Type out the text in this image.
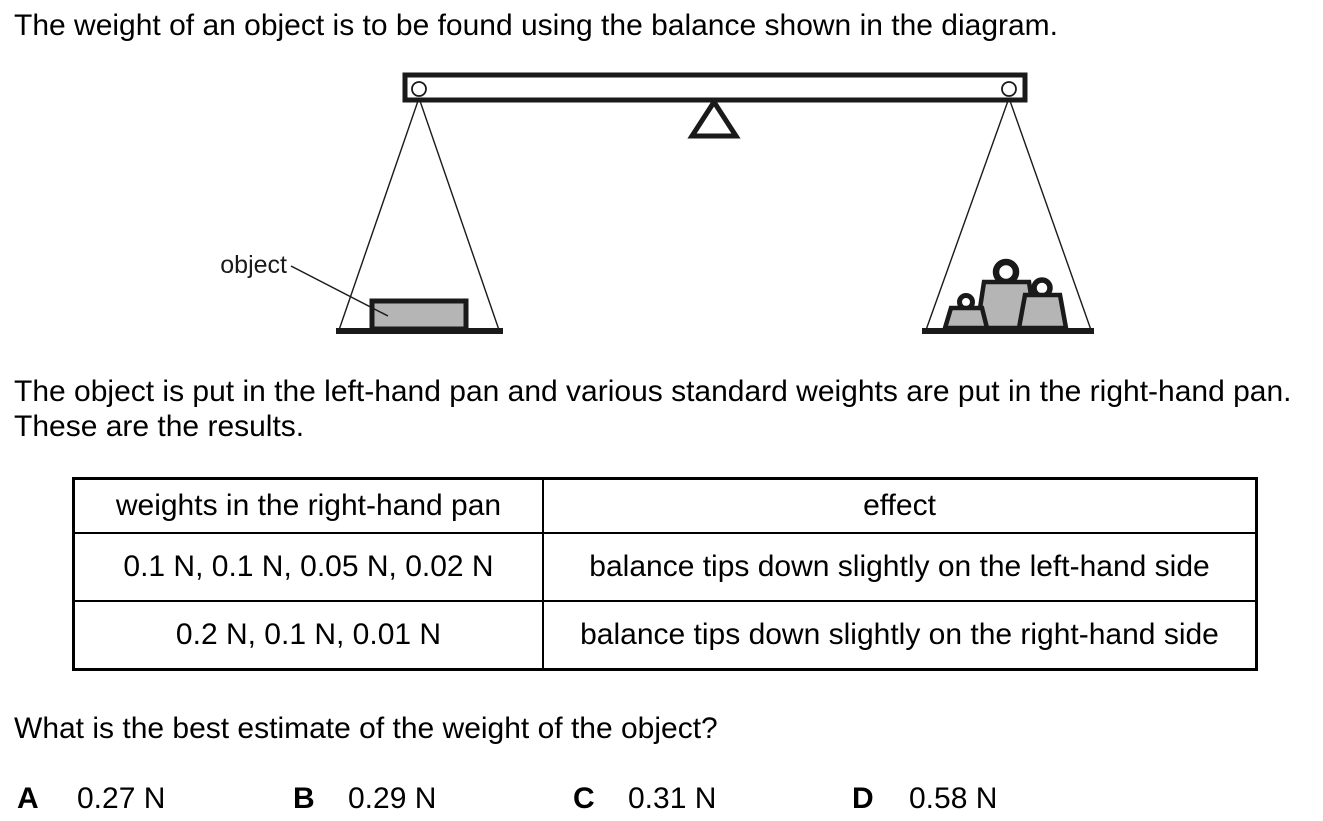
The weight of an object is to be found using the balance shown in the diagram.
object
The object is put in the left-hand pan and various standard weights are put in the right-hand pan.
These are the results.
weights in the right-hand pan	effect
0.1 N, 0.1 N, 0.05 N, 0.02 N	balance tips down slightly on the left-hand side
0.2 N, 0.1 N, 0.01 N	balance tips down slightly on the right-hand side
What is the best estimate of the weight of the object?
A 0.27 N	B 0.29 N	C 0.31 N	D 0.58 N
